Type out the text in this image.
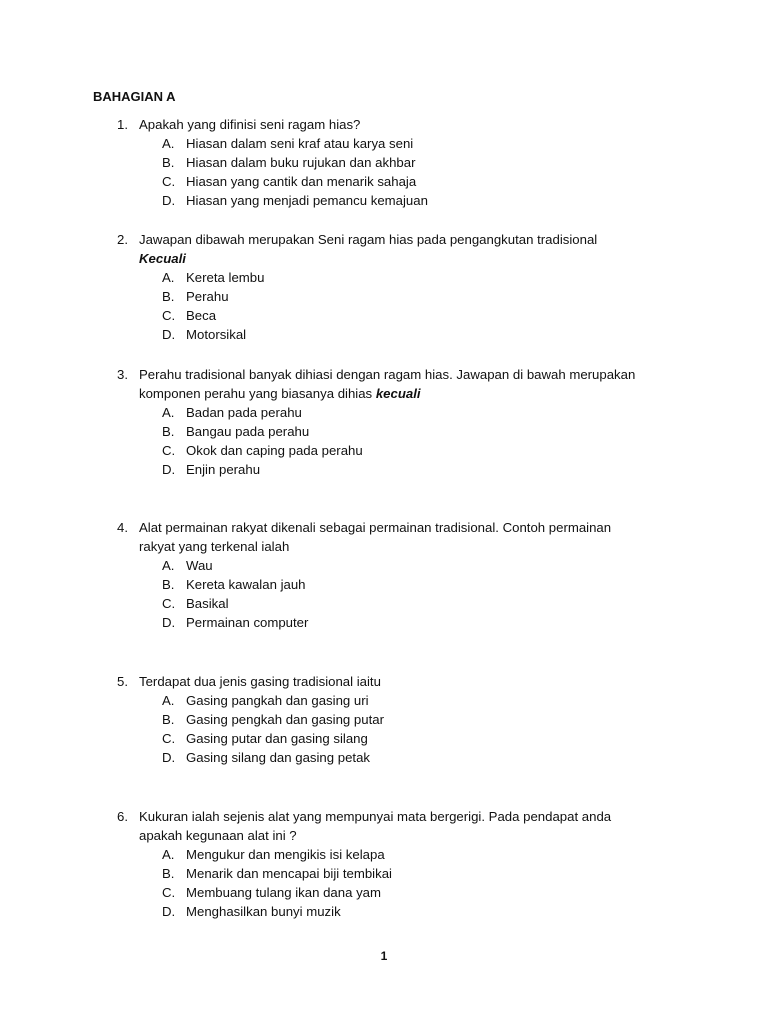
BAHAGIAN A
1. Apakah yang difinisi seni ragam hias?
A. Hiasan dalam seni kraf atau karya seni
B. Hiasan dalam buku rujukan dan akhbar
C. Hiasan yang cantik dan menarik sahaja
D. Hiasan yang menjadi pemancu kemajuan
2. Jawapan dibawah merupakan Seni ragam hias pada pengangkutan tradisional
Kecuali
A. Kereta lembu
B. Perahu
C. Beca
D. Motorsikal
3. Perahu tradisional banyak dihiasi dengan ragam hias. Jawapan di bawah merupakan
komponen perahu yang biasanya dihias kecuali
A. Badan pada perahu
B. Bangau pada perahu
C. Okok dan caping pada perahu
D. Enjin perahu
4. Alat permainan rakyat dikenali sebagai permainan tradisional. Contoh permainan
rakyat yang terkenal ialah
A. Wau
B. Kereta kawalan jauh
C. Basikal
D. Permainan computer
5. Terdapat dua jenis gasing tradisional iaitu
A. Gasing pangkah dan gasing uri
B. Gasing pengkah dan gasing putar
C. Gasing putar dan gasing silang
D. Gasing silang dan gasing petak
6. Kukuran ialah sejenis alat yang mempunyai mata bergerigi. Pada pendapat anda
apakah kegunaan alat ini ?
A. Mengukur dan mengikis isi kelapa
B. Menarik dan mencapai biji tembikai
C. Membuang tulang ikan dana yam
D. Menghasilkan bunyi muzik
1
